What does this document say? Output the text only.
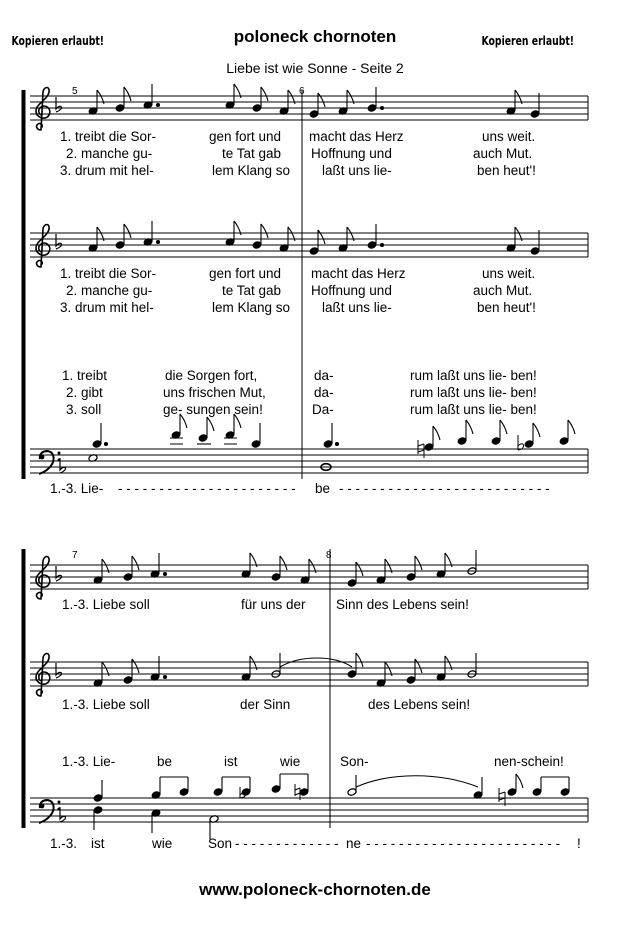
Kopieren erlaubt!	poloneck chornoten	Kopieren erlaubt!
Liebe ist wie Sonne - Seite 2
5	6
7	8
1. treibt die Sor-	gen fort und macht das Herz	uns weit.
2. manche gu-	te Tat gab Hoffnung und	auch Mut.
3. drum mit hel-	lem Klang so laßt uns lie-	ben heut'!
1. treibt die Sor-	gen fort und macht das Herz	uns weit.
2. manche gu-	te Tat gab Hoffnung und	auch Mut.
3. drum mit hel-	lem Klang so laßt uns lie-	ben heut'!
1. treibt	die Sorgen fort,	da-	rum laßt uns lie- ben!
2. gibt	uns frischen Mut,	da-	rum laßt uns lie- ben!
3. soll	ge- sungen sein!	Da-	rum laßt uns lie- ben!
1.-3. Lie- - - - - - - - - - - - - - - - - - - - - - - be - - - - - - - - - - - - - - - - - - - - - - - - - -
1.-3. Liebe soll	für uns der Sinn des Lebens sein!
1.-3. Liebe soll	der Sinn	des Lebens sein!
1.-3. Lie-	be	ist	wie	Son-	nen-schein!
1.-3. ist	wie	Son - - - - - - - - - - - - - ne - - - - - - - - - - - - - - - - - - - - - - - - !
www.poloneck-chornoten.de
